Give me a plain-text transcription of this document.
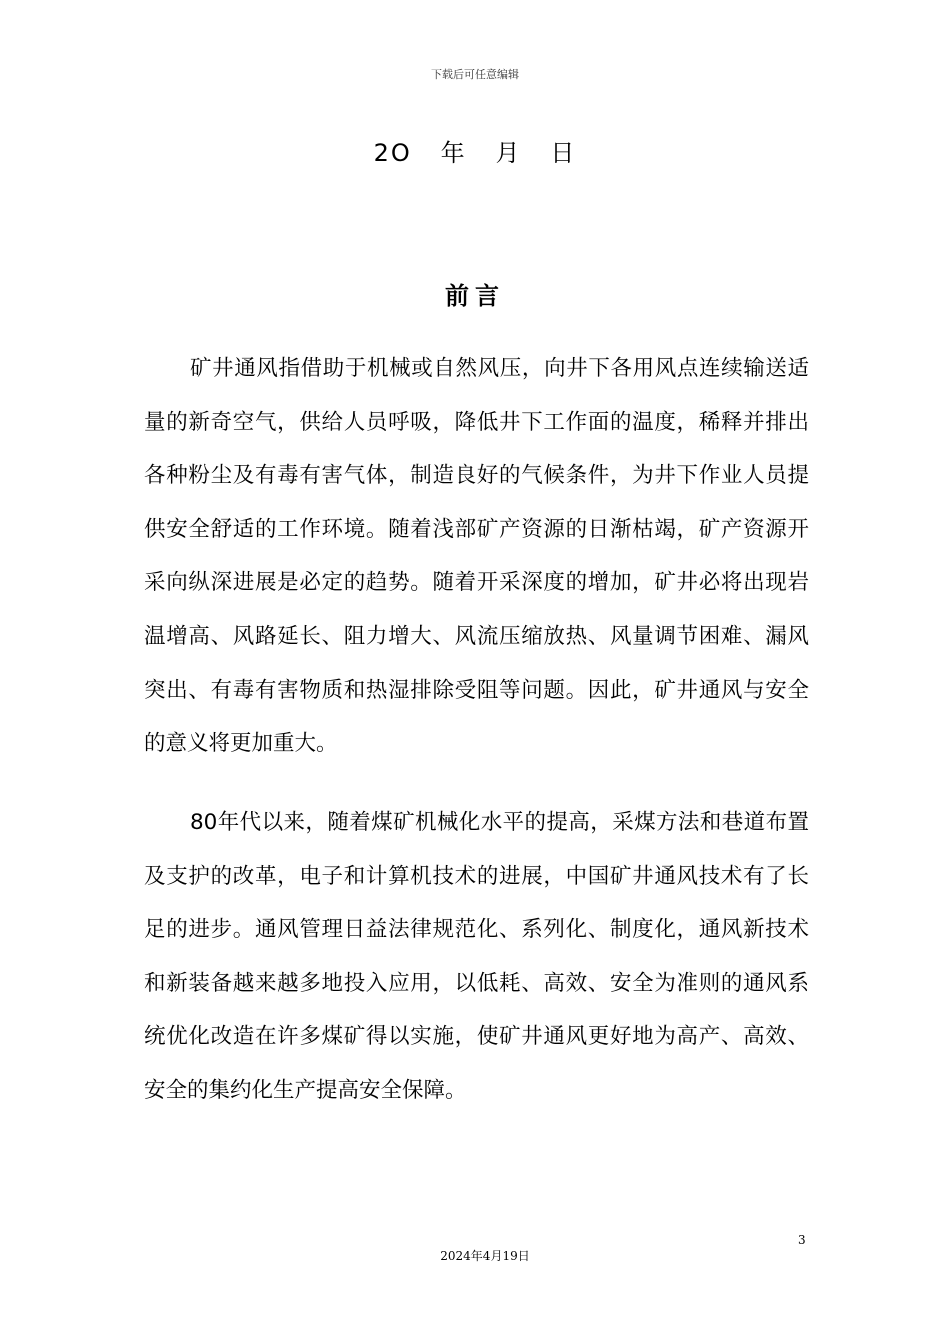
下载后可任意编辑
2O   年   月   日
前言

矿井通风指借助于机械或自然风压，向井下各用风点连续输送适量的新奇空气，供给人员呼吸，降低井下工作面的温度，稀释并排出各种粉尘及有毒有害气体，制造良好的气候条件，为井下作业人员提供安全舒适的工作环境。随着浅部矿产资源的日渐枯竭，矿产资源开采向纵深进展是必定的趋势。随着开采深度的增加，矿井必将出现岩温增高、风路延长、阻力增大、风流压缩放热、风量调节困难、漏风突出、有毒有害物质和热湿排除受阻等问题。因此，矿井通风与安全的意义将更加重大。

80年代以来，随着煤矿机械化水平的提高，采煤方法和巷道布置及支护的改革，电子和计算机技术的进展，中国矿井通风技术有了长足的进步。通风管理日益法律规范化、系列化、制度化，通风新技术和新装备越来越多地投入应用，以低耗、高效、安全为准则的通风系统优化改造在许多煤矿得以实施，使矿井通风更好地为高产、高效、安全的集约化生产提高安全保障。

3
2024年4月19日
